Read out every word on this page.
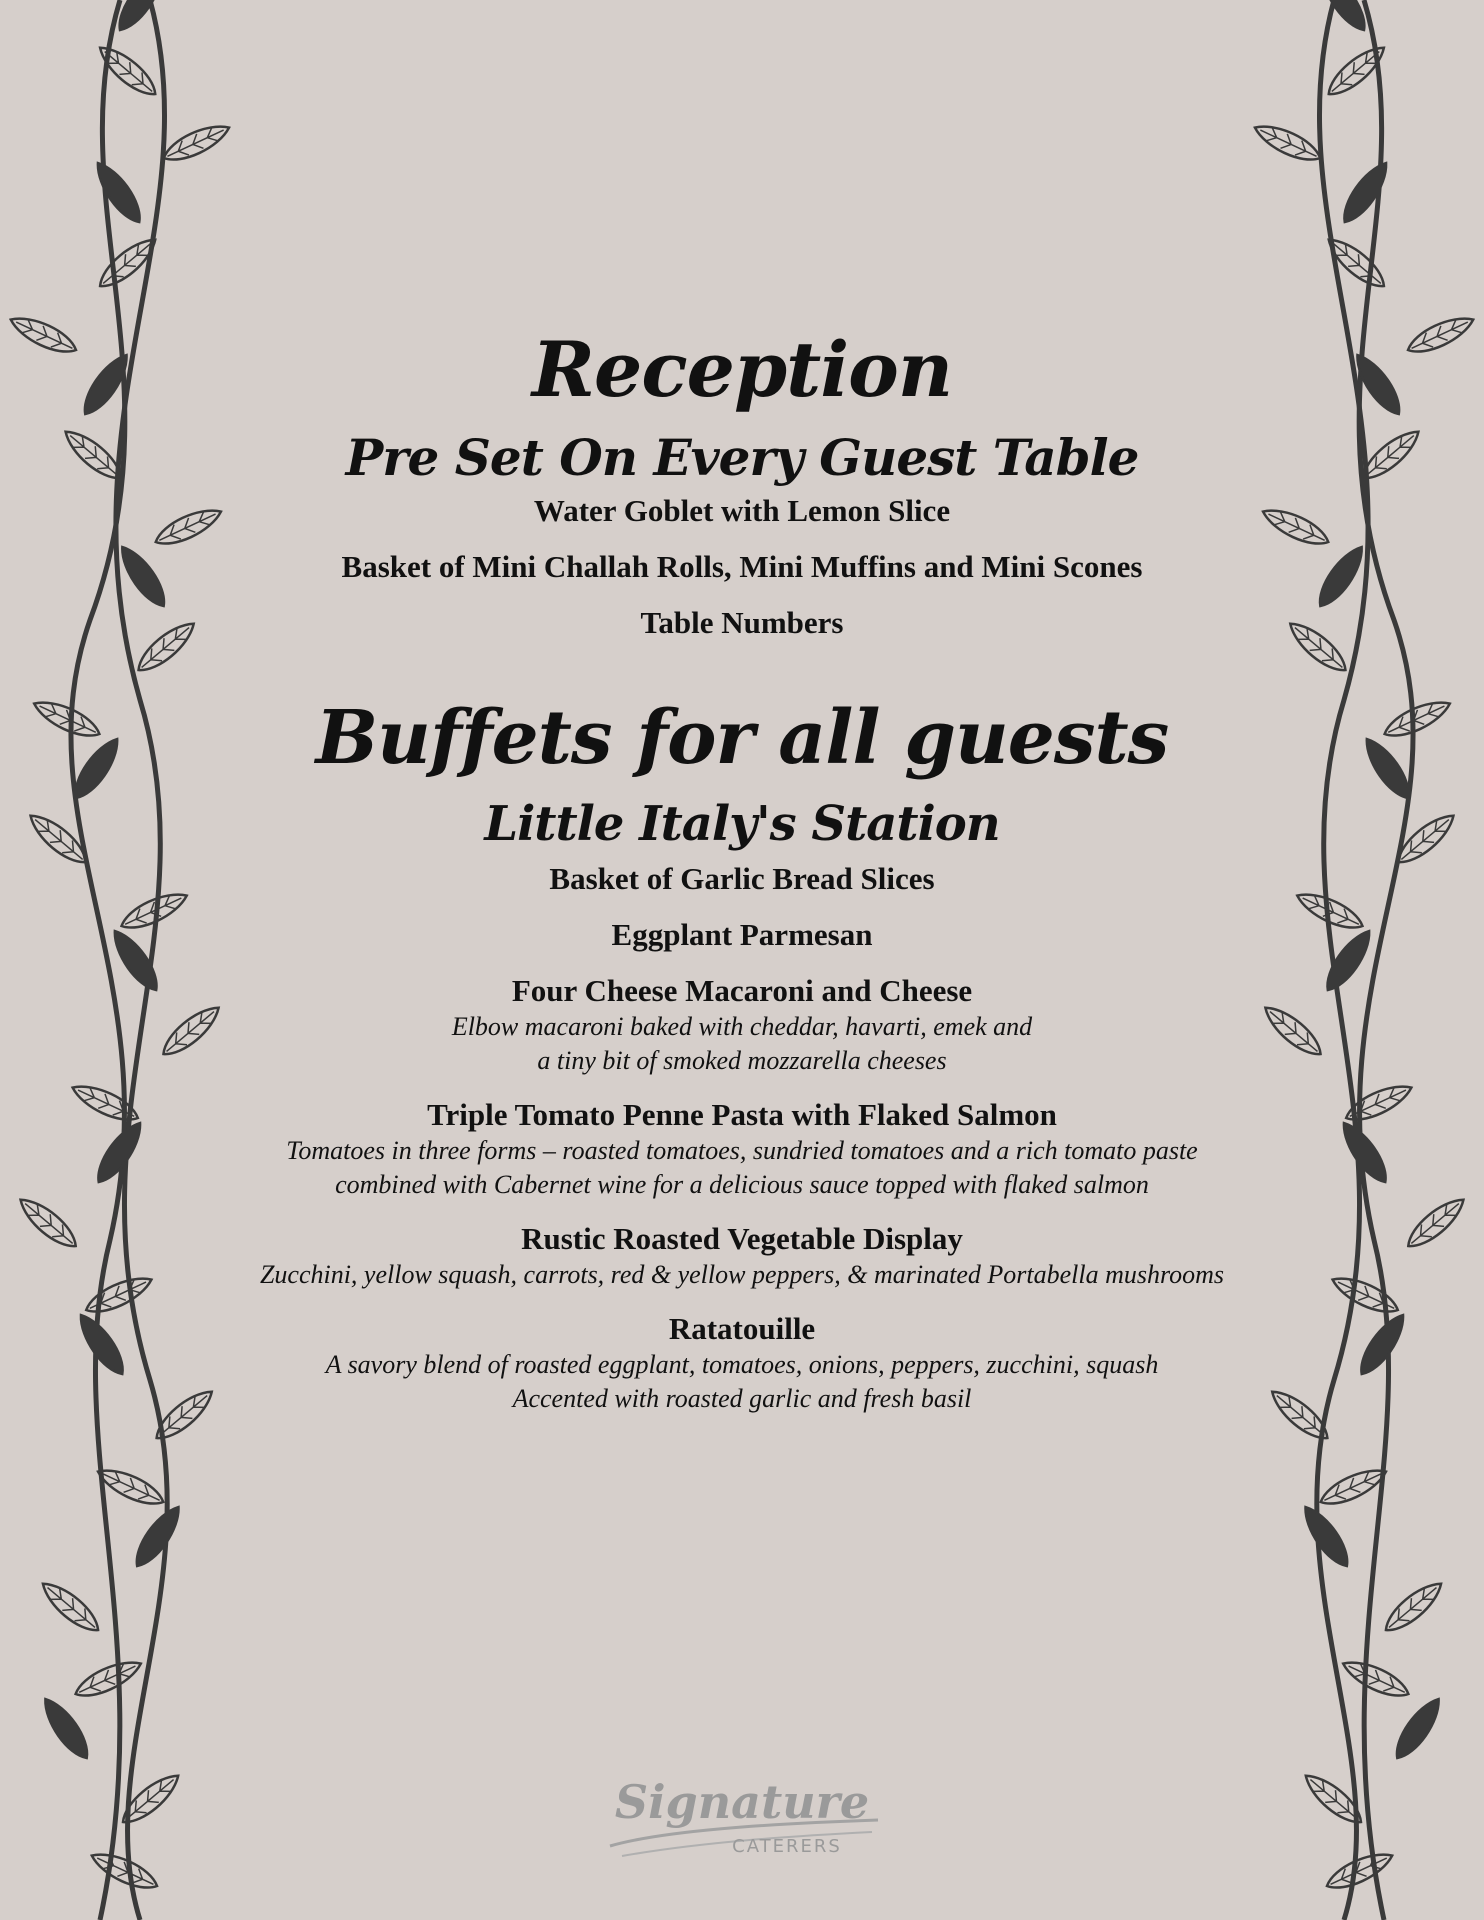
Reception
Pre Set On Every Guest Table

Water Goblet with Lemon Slice

Basket of Mini Challah Rolls, Mini Muffins and Mini Scones

Table Numbers

Buffets for all guests
Little Italy's Station

Basket of Garlic Bread Slices

Eggplant Parmesan

Four Cheese Macaroni and Cheese

Elbow macaroni baked with cheddar, havarti, emek and

a tiny bit of smoked mozzarella cheeses

Triple Tomato Penne Pasta with Flaked Salmon

Tomatoes in three forms – roasted tomatoes, sundried tomatoes and a rich tomato paste

combined with Cabernet wine for a delicious sauce topped with flaked salmon

Rustic Roasted Vegetable Display

Zucchini, yellow squash, carrots, red & yellow peppers, & marinated Portabella mushrooms

Ratatouille

A savory blend of roasted eggplant, tomatoes, onions, peppers, zucchini, squash

Accented with roasted garlic and fresh basil

Signature
CATERERS
